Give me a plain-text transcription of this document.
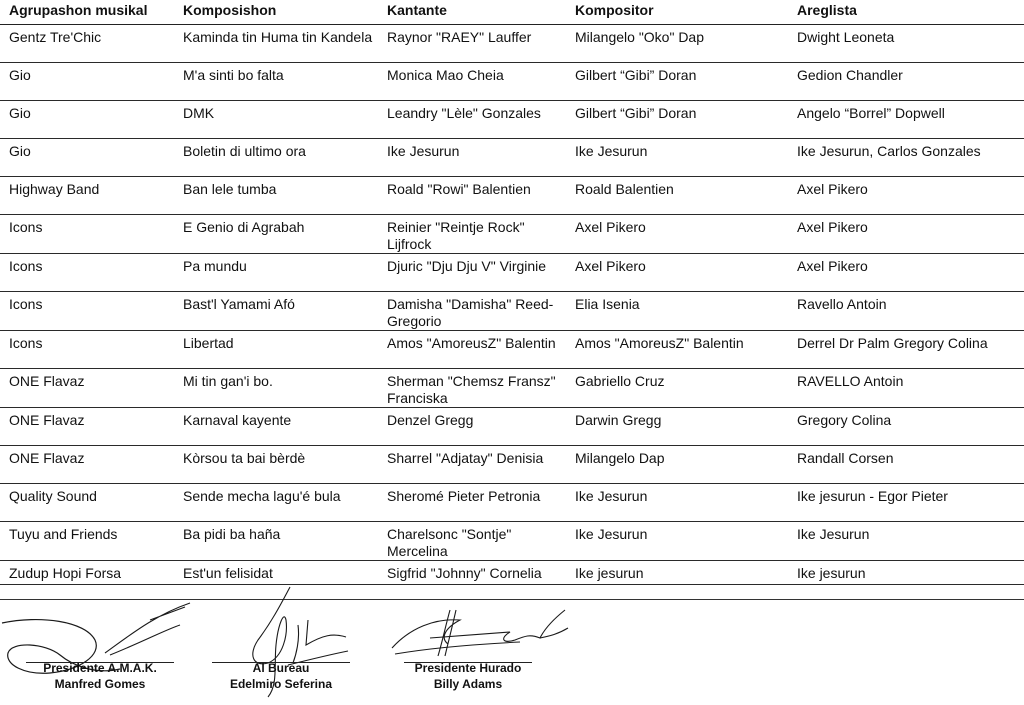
Agrupashon musikal	Komposishon	Kantante	Kompositor	Areglista
Gentz Tre'Chic	Kaminda tin Huma tin Kandela	Raynor "RAEY" Lauffer	Milangelo "Oko" Dap	Dwight Leoneta
Gio	M'a sinti bo falta	Monica Mao Cheia	Gilbert “Gibi” Doran	Gedion Chandler
Gio	DMK	Leandry "Lèle" Gonzales	Gilbert “Gibi” Doran	Angelo “Borrel” Dopwell
Gio	Boletin di ultimo ora	Ike Jesurun	Ike Jesurun	Ike Jesurun, Carlos Gonzales
Highway Band	Ban lele tumba	Roald "Rowi" Balentien	Roald Balentien	Axel Pikero
Icons	E Genio di Agrabah	Reinier "Reintje Rock" Lijfrock	Axel Pikero	Axel Pikero
Icons	Pa mundu	Djuric "Dju Dju V" Virginie	Axel Pikero	Axel Pikero
Icons	Bast'l Yamami Afó	Damisha "Damisha" Reed-Gregorio	Elia Isenia	Ravello Antoin
Icons	Libertad	Amos "AmoreusZ" Balentin	Amos "AmoreusZ" Balentin	Derrel Dr Palm Gregory Colina
ONE Flavaz	Mi tin gan'i bo.	Sherman "Chemsz Fransz" Franciska	Gabriello Cruz	RAVELLO Antoin
ONE Flavaz	Karnaval kayente	Denzel Gregg	Darwin Gregg	Gregory Colina
ONE Flavaz	Kòrsou ta bai bèrdè	Sharrel "Adjatay" Denisia	Milangelo Dap	Randall Corsen
Quality Sound	Sende mecha lagu'é bula	Sheromé Pieter Petronia	Ike Jesurun	Ike jesurun - Egor Pieter
Tuyu and Friends	Ba pidi ba haña	Charelsonc "Sontje" Mercelina	Ike Jesurun	Ike Jesurun
Zudup Hopi Forsa	Est'un felisidat	Sigfrid "Johnny" Cornelia	Ike jesurun	Ike jesurun
Presidente A.M.A.K.
Manfred Gomes
Al Bureau
Edelmiro Seferina
Presidente Hurado
Billy Adams
